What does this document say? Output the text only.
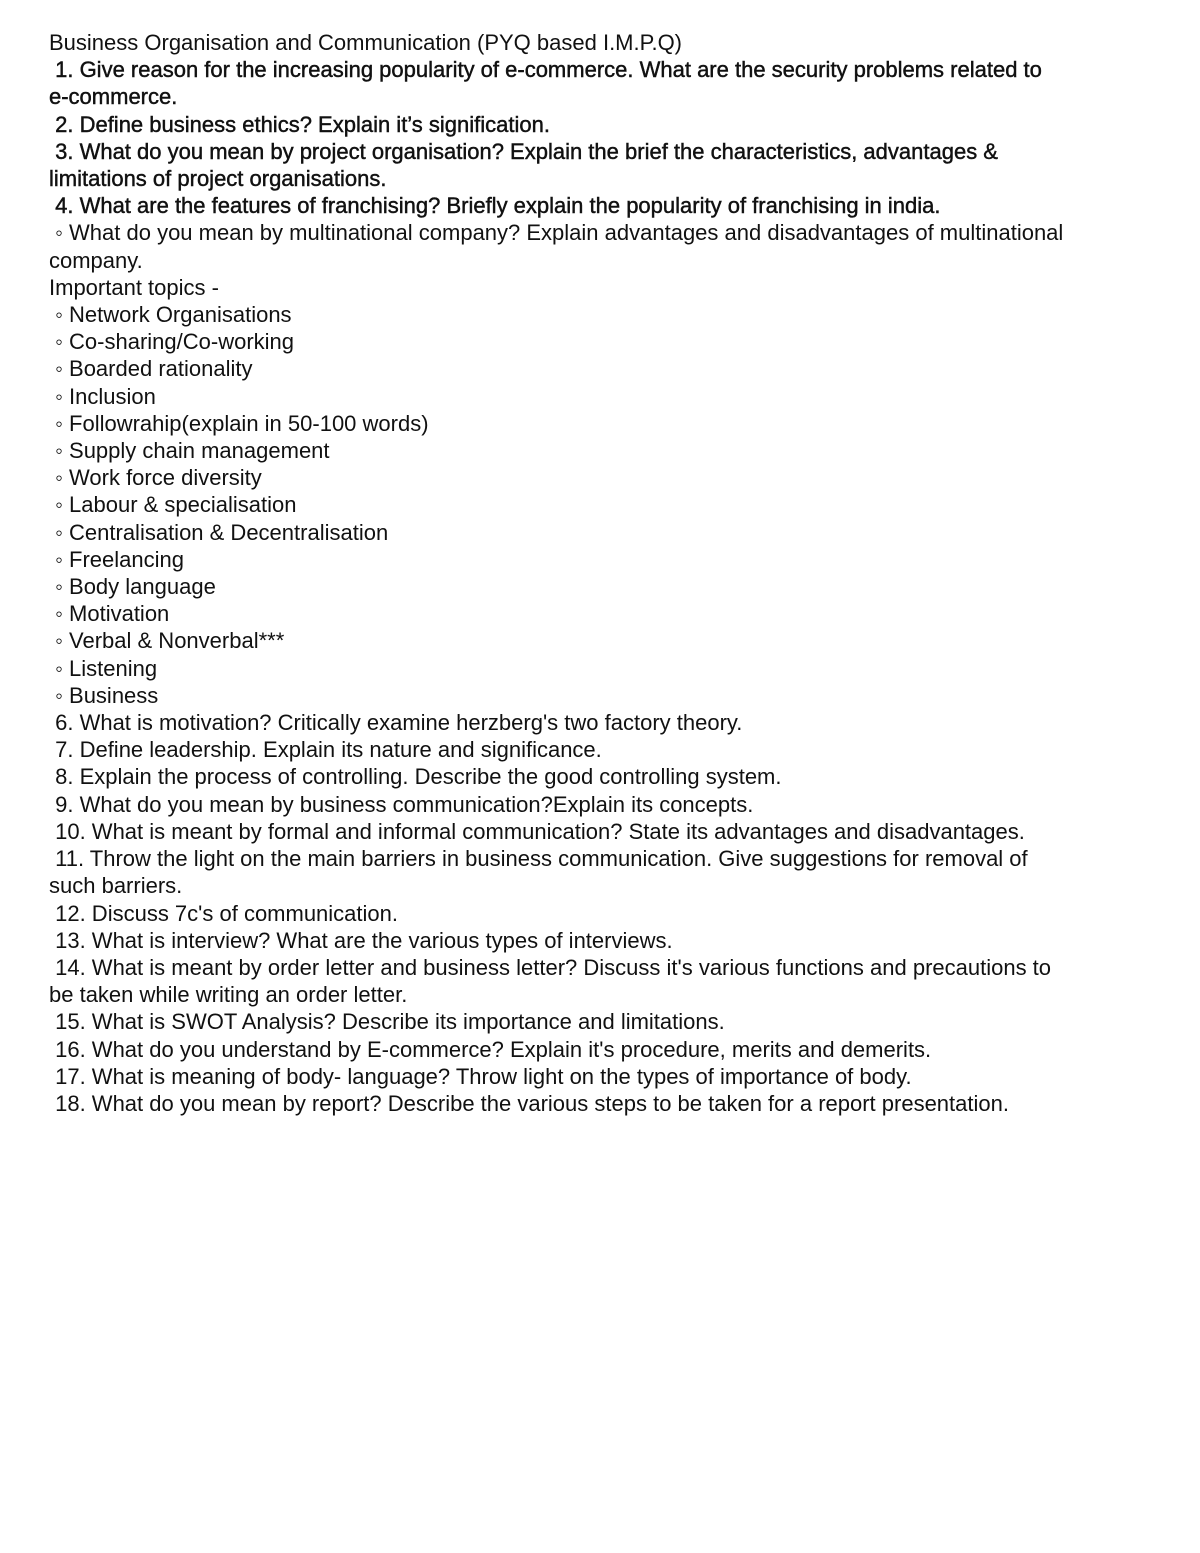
Business Organisation and Communication (PYQ based I.M.P.Q)
1. Give reason for the increasing popularity of e-commerce. What are the security problems related to
e-commerce.
2. Define business ethics? Explain it’s signification.
3. What do you mean by project organisation? Explain the brief the characteristics, advantages &
limitations of project organisations.
4. What are the features of franchising? Briefly explain the popularity of franchising in india.
◦ What do you mean by multinational company? Explain advantages and disadvantages of multinational
company.
Important topics -
◦ Network Organisations
◦ Co-sharing/Co-working
◦ Boarded rationality
◦ Inclusion
◦ Followrahip(explain in 50-100 words)
◦ Supply chain management
◦ Work force diversity
◦ Labour & specialisation
◦ Centralisation & Decentralisation
◦ Freelancing
◦ Body language
◦ Motivation
◦ Verbal & Nonverbal***
◦ Listening
◦ Business
6. What is motivation? Critically examine herzberg's two factory theory.
7. Define leadership. Explain its nature and significance.
8. Explain the process of controlling. Describe the good controlling system.
9. What do you mean by business communication?Explain its concepts.
10. What is meant by formal and informal communication? State its advantages and disadvantages.
11. Throw the light on the main barriers in business communication. Give suggestions for removal of
such barriers.
12. Discuss 7c's of communication.
13. What is interview? What are the various types of interviews.
14. What is meant by order letter and business letter? Discuss it's various functions and precautions to
be taken while writing an order letter.
15. What is SWOT Analysis? Describe its importance and limitations.
16. What do you understand by E-commerce? Explain it's procedure, merits and demerits.
17. What is meaning of body- language? Throw light on the types of importance of body.
18. What do you mean by report? Describe the various steps to be taken for a report presentation.
